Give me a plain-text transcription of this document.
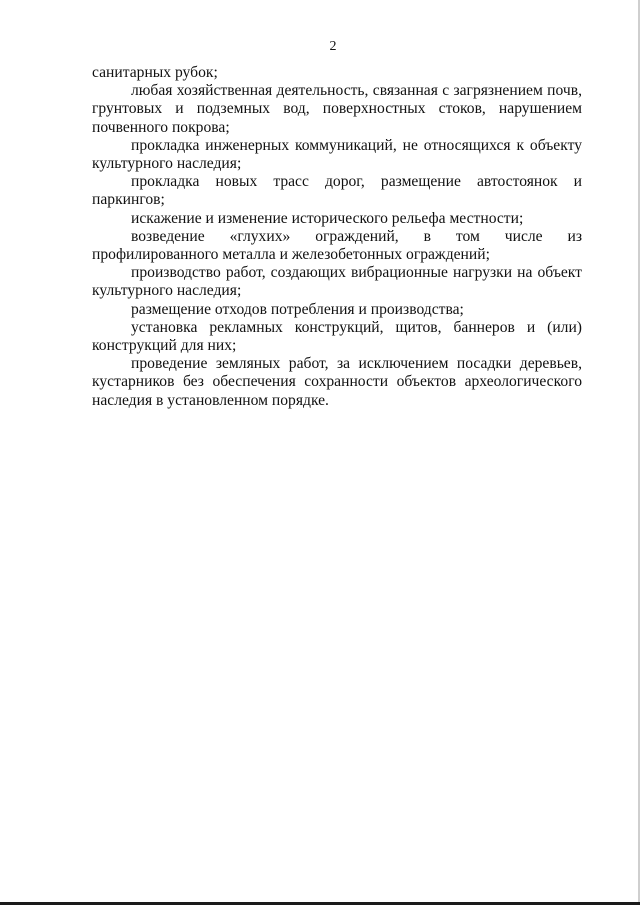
2

санитарных рубок;

любая хозяйственная деятельность, связанная с загрязнением почв, грунтовых и подземных вод, поверхностных стоков, нарушением почвенного покрова;

прокладка инженерных коммуникаций, не относящихся к объекту культурного наследия;

прокладка новых трасс дорог, размещение автостоянок и паркингов;

искажение и изменение исторического рельефа местности;

возведение «глухих» ограждений, в том числе из профилированного металла и железобетонных ограждений;

производство работ, создающих вибрационные нагрузки на объект культурного наследия;

размещение отходов потребления и производства;

установка рекламных конструкций, щитов, баннеров и (или) конструкций для них;

проведение земляных работ, за исключением посадки деревьев, кустарников без обеспечения сохранности объектов археологического наследия в установленном порядке.
